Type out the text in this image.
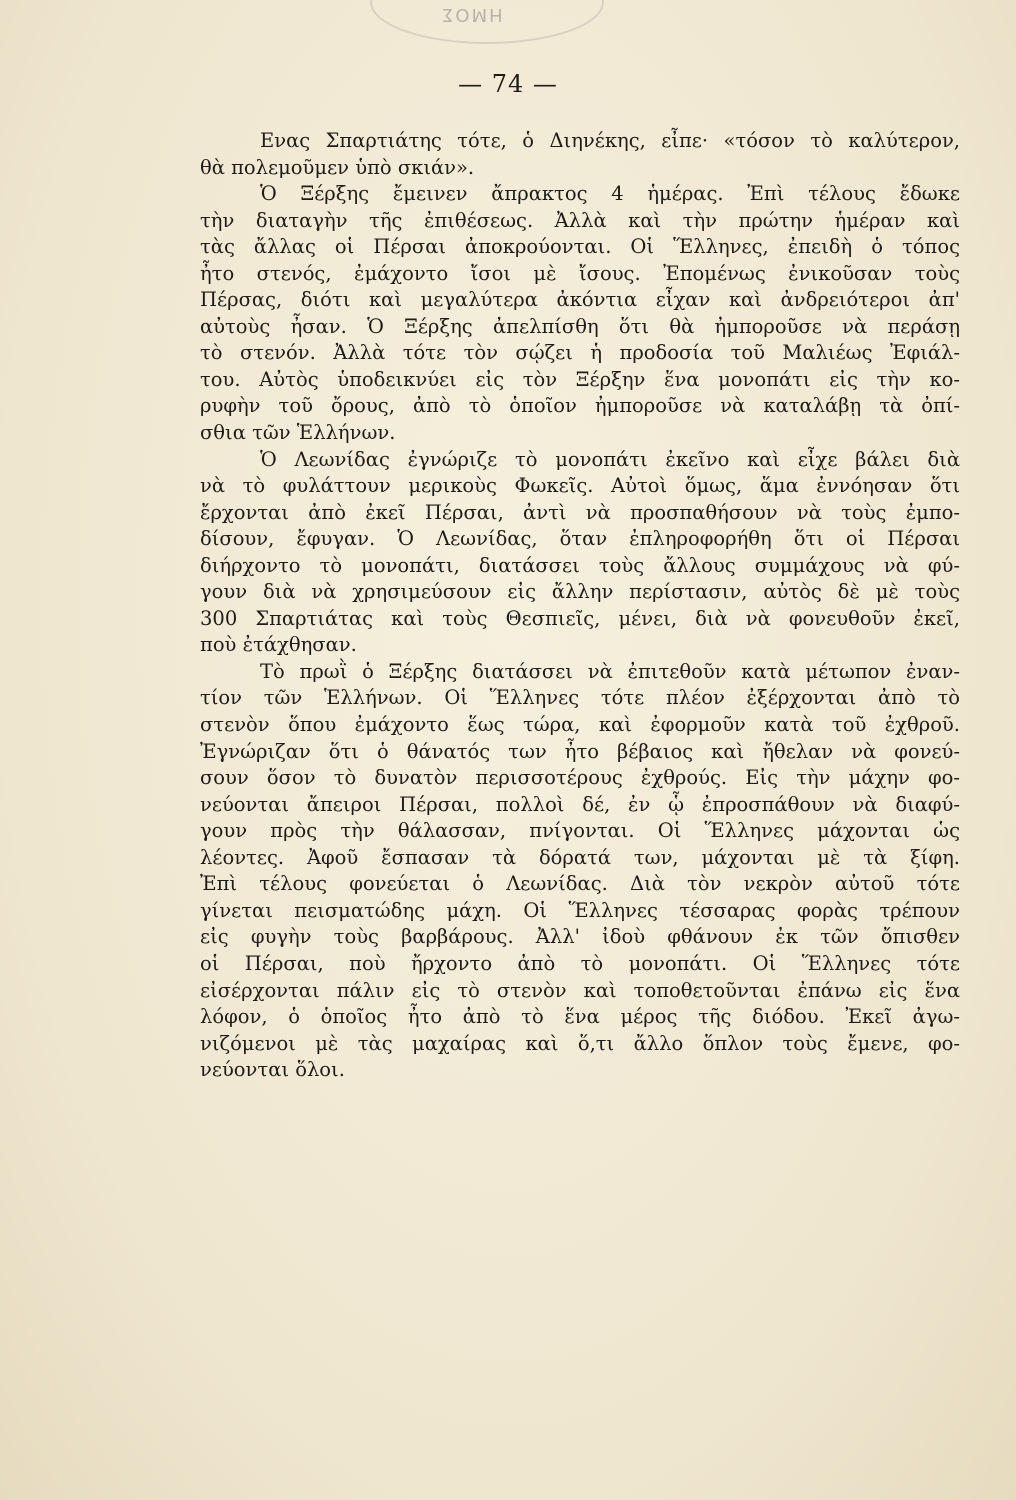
ΗΜΟΣ
— 74 —
Ενας Σπαρτιάτης τότε, ὁ Διηνέκης, εἶπε· «τόσον τὸ καλύτερον,
θὰ πολεμοῦμεν ὑπὸ σκιάν».
Ὁ Ξέρξης ἔμεινεν ἄπρακτος 4 ἡμέρας. Ἐπὶ τέλους ἔδωκε
τὴν διαταγὴν τῆς ἐπιθέσεως. Ἀλλὰ καὶ τὴν πρώτην ἡμέραν καὶ
τὰς ἄλλας οἱ Πέρσαι ἀποκρούονται. Οἱ Ἕλληνες, ἐπειδὴ ὁ τόπος
ἦτο στενός, ἐμάχοντο ἴσοι μὲ ἴσους. Ἐπομένως ἐνικοῦσαν τοὺς
Πέρσας, διότι καὶ μεγαλύτερα ἀκόντια εἶχαν καὶ ἀνδρειότεροι ἀπ'
αὐτοὺς ἦσαν. Ὁ Ξέρξης ἀπελπίσθη ὅτι θὰ ἠμποροῦσε νὰ περάσῃ
τὸ στενόν. Ἀλλὰ τότε τὸν σῴζει ἡ προδοσία τοῦ Μαλιέως Ἐφιάλ-
του. Αὐτὸς ὑποδεικνύει εἰς τὸν Ξέρξην ἕνα μονοπάτι εἰς τὴν κο-
ρυφὴν τοῦ ὄρους, ἀπὸ τὸ ὁποῖον ἠμποροῦσε νὰ καταλάβῃ τὰ ὀπί-
σθια τῶν Ἑλλήνων.
Ὁ Λεωνίδας ἐγνώριζε τὸ μονοπάτι ἐκεῖνο καὶ εἶχε βάλει διὰ
νὰ τὸ φυλάττουν μερικοὺς Φωκεῖς. Αὐτοὶ ὅμως, ἅμα ἐννόησαν ὅτι
ἔρχονται ἀπὸ ἐκεῖ Πέρσαι, ἀντὶ νὰ προσπαθήσουν νὰ τοὺς ἐμπο-
δίσουν, ἔφυγαν. Ὁ Λεωνίδας, ὅταν ἐπληροφορήθη ὅτι οἱ Πέρσαι
διήρχοντο τὸ μονοπάτι, διατάσσει τοὺς ἄλλους συμμάχους νὰ φύ-
γουν διὰ νὰ χρησιμεύσουν εἰς ἄλλην περίστασιν, αὐτὸς δὲ μὲ τοὺς
300 Σπαρτιάτας καὶ τοὺς Θεσπιεῖς, μένει, διὰ νὰ φονευθοῦν ἐκεῖ,
ποὺ ἐτάχθησαν.
Τὸ πρωῒ ὁ Ξέρξης διατάσσει νὰ ἐπιτεθοῦν κατὰ μέτωπον ἐναν-
τίον τῶν Ἑλλήνων. Οἱ Ἕλληνες τότε πλέον ἐξέρχονται ἀπὸ τὸ
στενὸν ὅπου ἐμάχοντο ἕως τώρα, καὶ ἐφορμοῦν κατὰ τοῦ ἐχθροῦ.
Ἐγνώριζαν ὅτι ὁ θάνατός των ἦτο βέβαιος καὶ ἤθελαν νὰ φονεύ-
σουν ὅσον τὸ δυνατὸν περισσοτέρους ἐχθρούς. Εἰς τὴν μάχην φο-
νεύονται ἄπειροι Πέρσαι, πολλοὶ δέ, ἐν ᾧ ἐπροσπάθουν νὰ διαφύ-
γουν πρὸς τὴν θάλασσαν, πνίγονται. Οἱ Ἕλληνες μάχονται ὡς
λέοντες. Ἀφοῦ ἔσπασαν τὰ δόρατά των, μάχονται μὲ τὰ ξίφη.
Ἐπὶ τέλους φονεύεται ὁ Λεωνίδας. Διὰ τὸν νεκρὸν αὐτοῦ τότε
γίνεται πεισματώδης μάχη. Οἱ Ἕλληνες τέσσαρας φορὰς τρέπουν
εἰς φυγὴν τοὺς βαρβάρους. Ἀλλ' ἰδοὺ φθάνουν ἐκ τῶν ὄπισθεν
οἱ Πέρσαι, ποὺ ἤρχοντο ἀπὸ τὸ μονοπάτι. Οἱ Ἕλληνες τότε
εἰσέρχονται πάλιν εἰς τὸ στενὸν καὶ τοποθετοῦνται ἐπάνω εἰς ἕνα
λόφον, ὁ ὁποῖος ἦτο ἀπὸ τὸ ἕνα μέρος τῆς διόδου. Ἐκεῖ ἀγω-
νιζόμενοι μὲ τὰς μαχαίρας καὶ ὅ,τι ἄλλο ὅπλον τοὺς ἔμενε, φο-
νεύονται ὅλοι.
